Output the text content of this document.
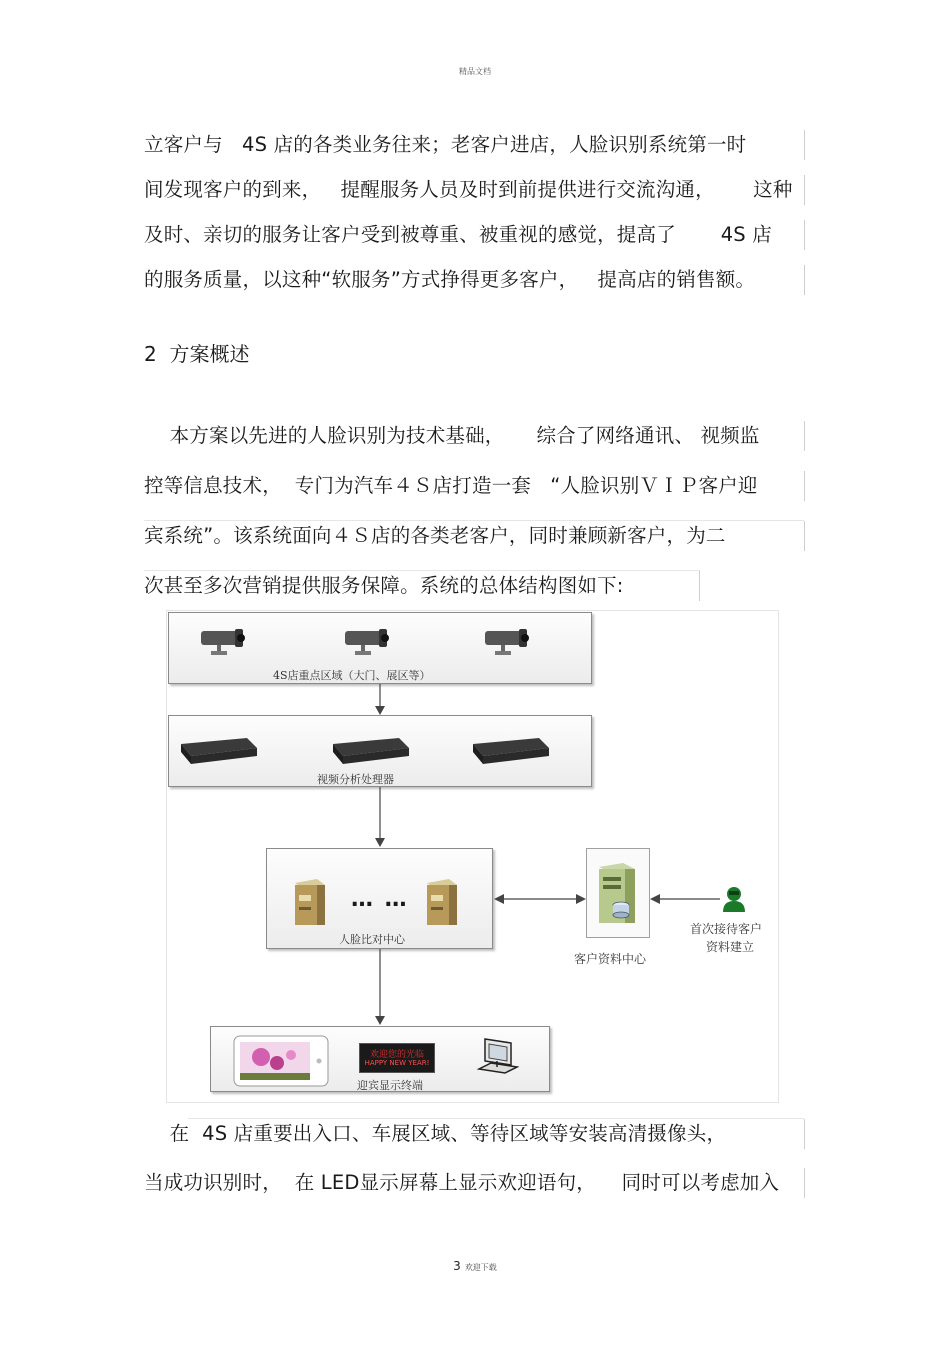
精品文档
立客户与   4S 店的各类业务往来；老客户进店，人脸识别系统第一时
间发现客户的到来，   提醒服务人员及时到前提供进行交流沟通，      这种
及时、亲切的服务让客户受到被尊重、被重视的感觉，提高了       4S 店
的服务质量，以这种“软服务”方式挣得更多客户，   提高店的销售额。
2  方案概述
本方案以先进的人脸识别为技术基础，     综合了网络通讯、 视频监
控等信息技术，  专门为汽车４Ｓ店打造一套   “人脸识别ＶＩＰ客户迎
宾系统”。该系统面向４Ｓ店的各类老客户，同时兼顾新客户，为二
次甚至多次营销提供服务保障。系统的总体结构图如下:
4S店重点区域（大门、展区等）
视频分析处理器
… …
人脸比对中心
客户资料中心
首次接待客户
资料建立
欢迎您的光临
HAPPY NEW YEAR!
迎宾显示终端
在  4S 店重要出入口、车展区域、等待区域等安装高清摄像头，
当成功识别时，  在 LED显示屏幕上显示欢迎语句，    同时可以考虑加入
3 欢迎下载
